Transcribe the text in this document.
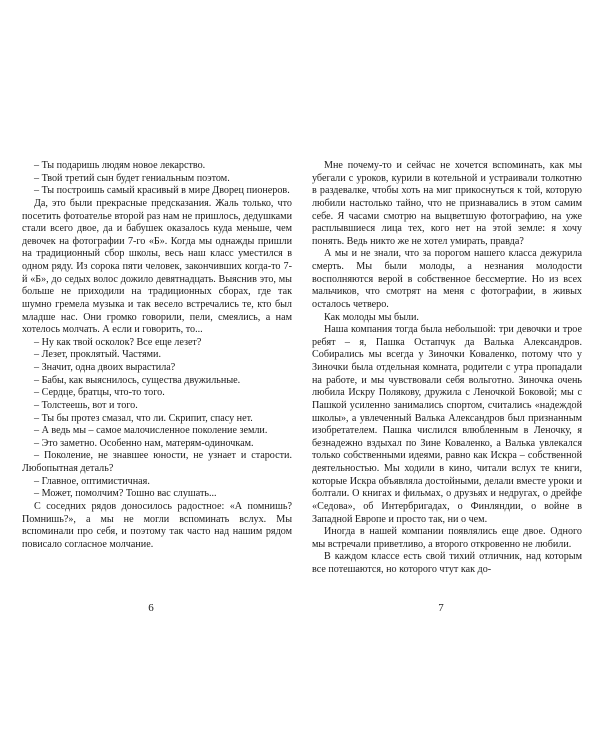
– Ты подаришь людям новое лекарство.

– Твой третий сын будет гениальным поэтом.

– Ты построишь самый красивый в мире Дворец пионеров.

Да, это были прекрасные предсказания. Жаль только, что посетить фотоателье второй раз нам не пришлось, дедушками стали всего двое, да и бабушек оказалось куда меньше, чем девочек на фотографии 7-го «Б». Когда мы однажды пришли на традиционный сбор школы, весь наш класс уместился в одном ряду. Из сорока пяти человек, закончивших когда-то 7-й «Б», до седых волос дожило девятнадцать. Выяснив это, мы больше не приходили на традиционных сборах, где так шумно гремела музыка и так весело встречались те, кто был младше нас. Они громко говорили, пели, смеялись, а нам хотелось молчать. А если и говорить, то...

– Ну как твой осколок? Все еще лезет?

– Лезет, проклятый. Частями.

– Значит, одна двоих вырастила?

– Бабы, как выяснилось, существа двужильные.

– Сердце, братцы, что-то того.

– Толстеешь, вот и того.

– Ты бы протез смазал, что ли. Скрипит, спасу нет.

– А ведь мы – самое малочисленное поколение земли.

– Это заметно. Особенно нам, матерям-одиночкам.

– Поколение, не знавшее юности, не узнает и старости. Любопытная деталь?

– Главное, оптимистичная.

– Может, помолчим? Тошно вас слушать...

С соседних рядов доносилось радостное: «А помнишь? Помнишь?», а мы не могли вспоминать вслух. Мы вспоминали про себя, и поэтому так часто над нашим рядом повисало согласное молчание.

6

Мне почему-то и сейчас не хочется вспоминать, как мы убегали с уроков, курили в котельной и устраивали толкотню в раздевалке, чтобы хоть на миг прикоснуться к той, которую любили настолько тайно, что не признавались в этом самим себе. Я часами смотрю на выцветшую фотографию, на уже расплывшиеся лица тех, кого нет на этой земле: я хочу понять. Ведь никто же не хотел умирать, правда?

А мы и не знали, что за порогом нашего класса дежурила смерть. Мы были молоды, а незнания молодости восполняются верой в собственное бессмертие. Но из всех мальчиков, что смотрят на меня с фотографии, в живых осталось четверо.

Как молоды мы были.

Наша компания тогда была небольшой: три девочки и трое ребят – я, Пашка Остапчук да Валька Александров. Собирались мы всегда у Зиночки Коваленко, потому что у Зиночки была отдельная комната, родители с утра пропадали на работе, и мы чувствовали себя вольготно. Зиночка очень любила Искру Полякову, дружила с Леночкой Боковой; мы с Пашкой усиленно занимались спортом, считались «надеждой школы», а увлеченный Валька Александров был признанным изобретателем. Пашка числился влюбленным в Леночку, я безнадежно вздыхал по Зине Коваленко, а Валька увлекался только собственными идеями, равно как Искра – собственной деятельностью. Мы ходили в кино, читали вслух те книги, которые Искра объявляла достойными, делали вместе уроки и болтали. О книгах и фильмах, о друзьях и недругах, о дрейфе «Седова», об Интербригадах, о Финляндии, о войне в Западной Европе и просто так, ни о чем.

Иногда в нашей компании появлялись еще двое. Одного мы встречали приветливо, а второго откровенно не любили.

В каждом классе есть свой тихий отличник, над которым все потешаются, но которого чтут как до-

7
